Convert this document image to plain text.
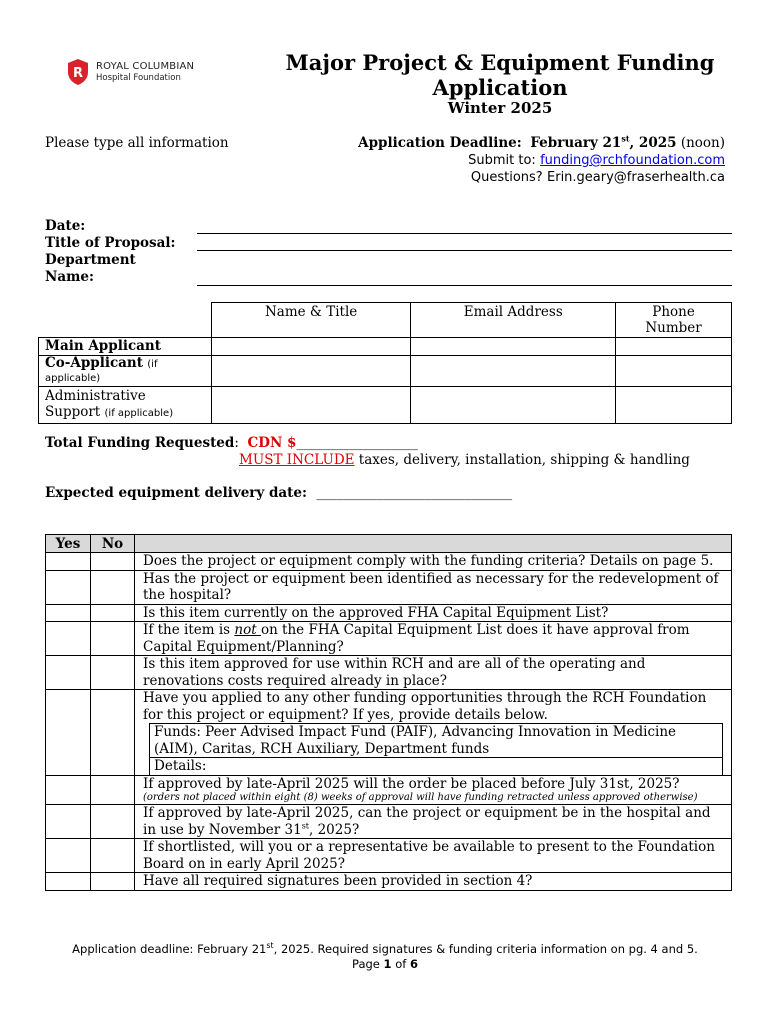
R ROYAL COLUMBIAN
Hospital Foundation
Major Project & Equipment Funding
Application
Winter 2025
Please type all information	Application Deadline: February 21st, 2025 (noon)
Submit to: funding@rchfoundation.com
Questions? Erin.geary@fraserhealth.ca
Date:
Title of Proposal:
Department
Name:
	Name & Title	Email Address	Phone Number
Main Applicant			
Co-Applicant (if applicable)			
Administrative Support (if applicable)			
Total Funding Requested: CDN $__________________
MUST INCLUDE taxes, delivery, installation, shipping & handling
Expected equipment delivery date: _____________________________
Yes	No	
		Does the project or equipment comply with the funding criteria? Details on page 5.
		Has the project or equipment been identified as necessary for the redevelopment of the hospital?
		Is this item currently on the approved FHA Capital Equipment List?
		If the item is not on the FHA Capital Equipment List does it have approval from Capital Equipment/Planning?
		Is this item approved for use within RCH and are all of the operating and renovations costs required already in place?

		Have you applied to any other funding opportunities through the RCH Foundation for this project or equipment? If yes, provide details below.
Funds: Peer Advised Impact Fund (PAIF), Advancing Innovation in Medicine (AIM), Caritas, RCH Auxiliary, Department funds
Details:

		If approved by late-April 2025 will the order be placed before July 31st, 2025?
(orders not placed within eight (8) weeks of approval will have funding retracted unless approved otherwise)

		If approved by late-April 2025, can the project or equipment be in the hospital and in use by November 31st, 2025?
		If shortlisted, will you or a representative be available to present to the Foundation Board on in early April 2025?
		Have all required signatures been provided in section 4?
Application deadline: February 21st, 2025. Required signatures & funding criteria information on pg. 4 and 5.
Page 1 of 6
